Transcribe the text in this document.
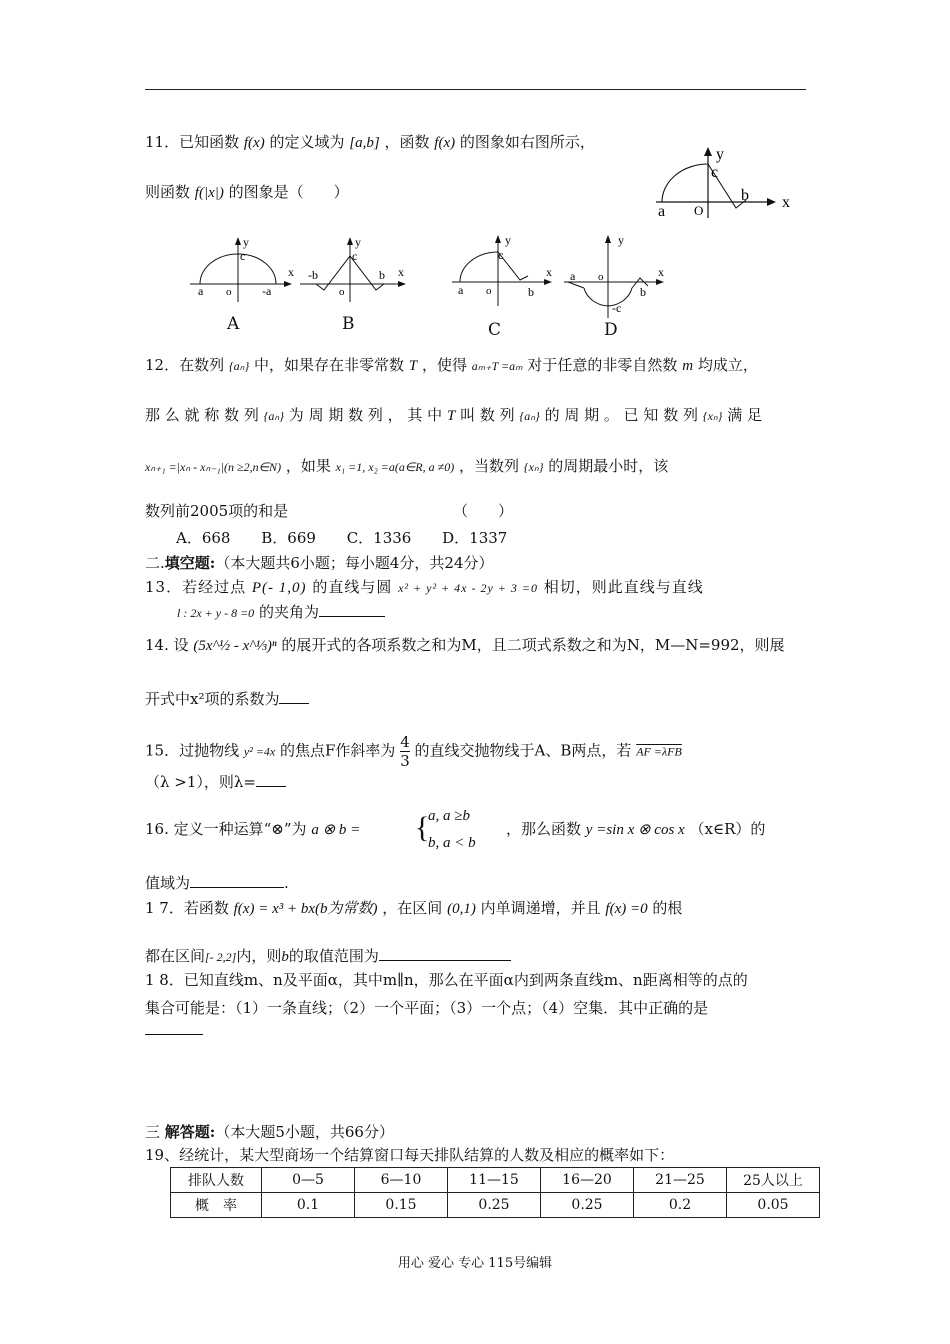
11．已知函数 f(x) 的定义域为 [a,b] ，函数 f(x) 的图象如右图所示，
则函数 f(|x|) 的图象是（　　）
y
x
c
b
a O
y
x
c
a o	-a
A
y
x
c
-b	b
o
B
y
x
c
a o	b
C
y
x
a o
-c
b
D
12．在数列 {aₙ} 中，如果存在非零常数 T ，使得 aₘ₊T =aₘ 对于任意的非零自然数 m 均成立，
那 么 就 称 数 列 {aₙ} 为 周 期 数 列 ， 其 中 T 叫 数 列 {aₙ} 的 周 期 。 已 知 数 列 {xₙ} 满 足
xₙ₊₁ =|xₙ - xₙ₋₁|(n ≥2,n∈N) ，如果 x₁ =1, x₂ =a(a∈R, a ≠0) ，当数列 {xₙ} 的周期最小时，该
数列前2005项的和是	（　　）
A．668 B．669 C．1336 D．1337
二.填空题:（本大题共6小题；每小题4分，共24分）
13．若经过点 P(- 1,0) 的直线与圆 x² + y² + 4x - 2y + 3 =0 相切，则此直线与直线
l : 2x + y - 8 =0 的夹角为
14. 设 (5x^½ - x^⅓)ⁿ 的展开式的各项系数之和为M，且二项式系数之和为N，M—N=992，则展
开式中x²项的系数为
15．过抛物线 y² =4x 的焦点F作斜率为 $\frac{4}{3}$ 的直线交抛物线于A、B两点，若 AF =λFB
（λ >1），则λ=
16. 定义一种运算“⊗”为 a ⊗ b = {
a, a ≥b
b, a < b
，那么函数 y =sin x ⊗ cos x （x∈R）的
值域为	.
1 7．若函数 f(x) = x³ + bx(b为常数) ，在区间 (0,1) 内单调递增，并且 f(x) =0 的根
都在区间[- 2,2]内，则b的取值范围为
1 8．已知直线m、n及平面α，其中m∥n，那么在平面α内到两条直线m、n距离相等的点的
集合可能是：（1）一条直线；（2）一个平面；（3）一个点；（4）空集．其中正确的是
三 解答题:（本大题5小题，共66分）
19、经统计，某大型商场一个结算窗口每天排队结算的人数及相应的概率如下：
排队人数	0—5	6—10	11—15	16—20	21—25	25人以上
概　率	0.1	0.15	0.25	0.25	0.2	0.05
用心 爱心 专心 115号编辑
